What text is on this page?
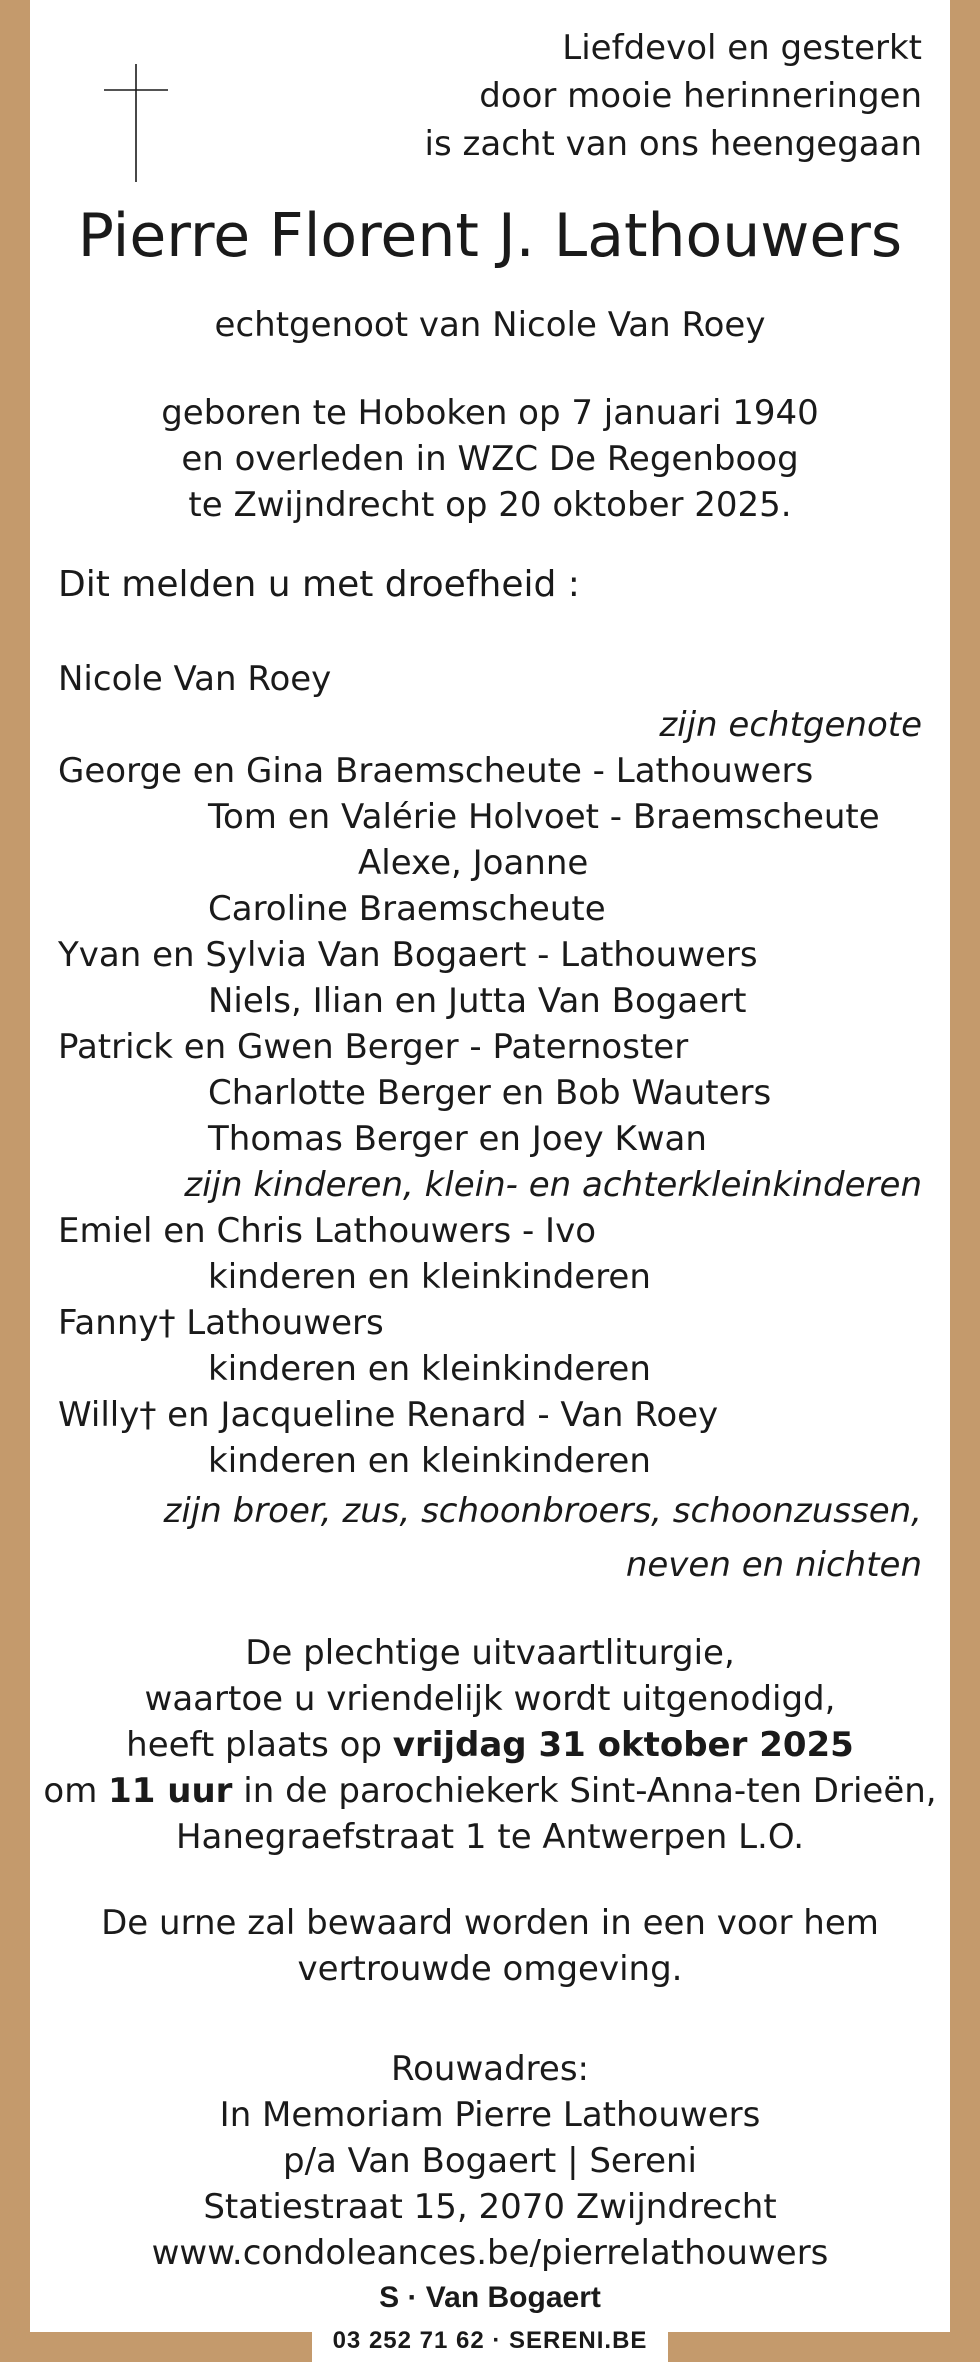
Liefdevol en gesterkt
door mooie herinneringen
is zacht van ons heengegaan
Pierre Florent J. Lathouwers
echtgenoot van Nicole Van Roey
geboren te Hoboken op 7 januari 1940
en overleden in WZC De Regenboog
te Zwijndrecht op 20 oktober 2025.
Dit melden u met droefheid :
Nicole Van Roey
zijn echtgenote
George en Gina Braemscheute - Lathouwers
Tom en Valérie Holvoet - Braemscheute
Alexe, Joanne
Caroline Braemscheute
Yvan en Sylvia Van Bogaert - Lathouwers
Niels, Ilian en Jutta Van Bogaert
Patrick en Gwen Berger - Paternoster
Charlotte Berger en Bob Wauters
Thomas Berger en Joey Kwan
zijn kinderen, klein- en achterkleinkinderen
Emiel en Chris Lathouwers - Ivo
kinderen en kleinkinderen
Fanny† Lathouwers
kinderen en kleinkinderen
Willy† en Jacqueline Renard - Van Roey
kinderen en kleinkinderen
zijn broer, zus, schoonbroers, schoonzussen,
neven en nichten
De plechtige uitvaartliturgie,
waartoe u vriendelijk wordt uitgenodigd,
heeft plaats op vrijdag 31 oktober 2025
om 11 uur in de parochiekerk Sint-Anna-ten Drieën,
Hanegraefstraat 1 te Antwerpen L.O.
De urne zal bewaard worden in een voor hem
vertrouwde omgeving.
Rouwadres:
In Memoriam Pierre Lathouwers
p/a Van Bogaert | Sereni
Statiestraat 15, 2070 Zwijndrecht
www.condoleances.be/pierrelathouwers
S · Van Bogaert
03 252 71 62 · SERENI.BE
